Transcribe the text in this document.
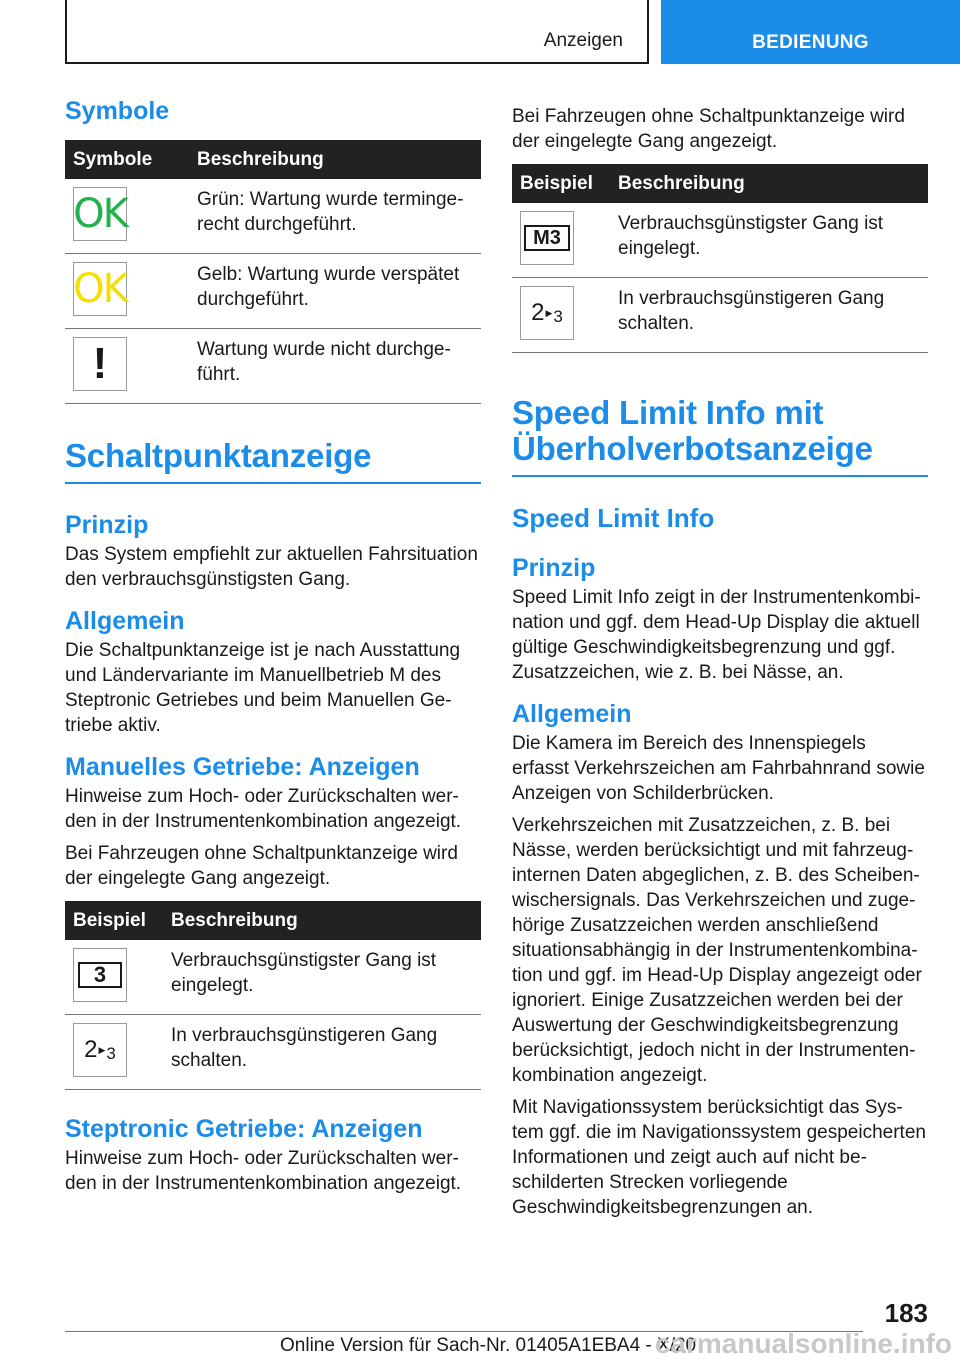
Anzeigen	BEDIENUNG
Symbole
Symbole	Beschreibung

OK	Grün: Wartung wurde termingerecht durchgeführt.

OK	Gelb: Wartung wurde verspätet durchgeführt.

!	Wartung wurde nicht durchgeführt.
Schaltpunktanzeige
Prinzip

Das System empfiehlt zur aktuellen Fahrsituation den verbrauchsgünstigsten Gang.

Allgemein

Die Schaltpunktanzeige ist je nach Ausstattung und Ländervariante im Manuellbetrieb M des Steptronic Getriebes und beim Manuellen Getriebe aktiv.

Manuelles Getriebe: Anzeigen

Hinweise zum Hoch- oder Zurückschalten werden in der Instrumentenkombination angezeigt.

Bei Fahrzeugen ohne Schaltpunktanzeige wird der eingelegte Gang angezeigt.

Beispiel	Beschreibung

3	Verbrauchsgünstigster Gang ist eingelegt.

2 ▶ 3	In verbrauchsgünstigeren Gang schalten.
Steptronic Getriebe: Anzeigen

Hinweise zum Hoch- oder Zurückschalten werden in der Instrumentenkombination angezeigt.

Bei Fahrzeugen ohne Schaltpunktanzeige wird der eingelegte Gang angezeigt.

Beispiel	Beschreibung

M3	Verbrauchsgünstigster Gang ist eingelegt.

2 ▶ 3	In verbrauchsgünstigeren Gang schalten.
Speed Limit Info mit Überholverbotsanzeige
Speed Limit Info
Prinzip

Speed Limit Info zeigt in der Instrumentenkombination und ggf. dem Head-Up Display die aktuell gültige Geschwindigkeitsbegrenzung und ggf. Zusatzzeichen, wie z. B. bei Nässe, an.

Allgemein

Die Kamera im Bereich des Innenspiegels erfasst Verkehrszeichen am Fahrbahnrand sowie Anzeigen von Schilderbrücken.

Verkehrszeichen mit Zusatzzeichen, z. B. bei Nässe, werden berücksichtigt und mit fahrzeuginternen Daten abgeglichen, z. B. des Scheibenwischersignals. Das Verkehrszeichen und zugehörige Zusatzzeichen werden anschließend situationsabhängig in der Instrumentenkombination und ggf. im Head-Up Display angezeigt oder ignoriert. Einige Zusatzzeichen werden bei der Auswertung der Geschwindigkeitsbegrenzung berücksichtigt, jedoch nicht in der Instrumentenkombination angezeigt.

Mit Navigationssystem berücksichtigt das System ggf. die im Navigationssystem gespeicherten Informationen und zeigt auch auf nicht beschilderten Strecken vorliegende Geschwindigkeitsbegrenzungen an.

183
Online Version für Sach-Nr. 01405A1EBA4 - X/20
carmanualsonline.info
